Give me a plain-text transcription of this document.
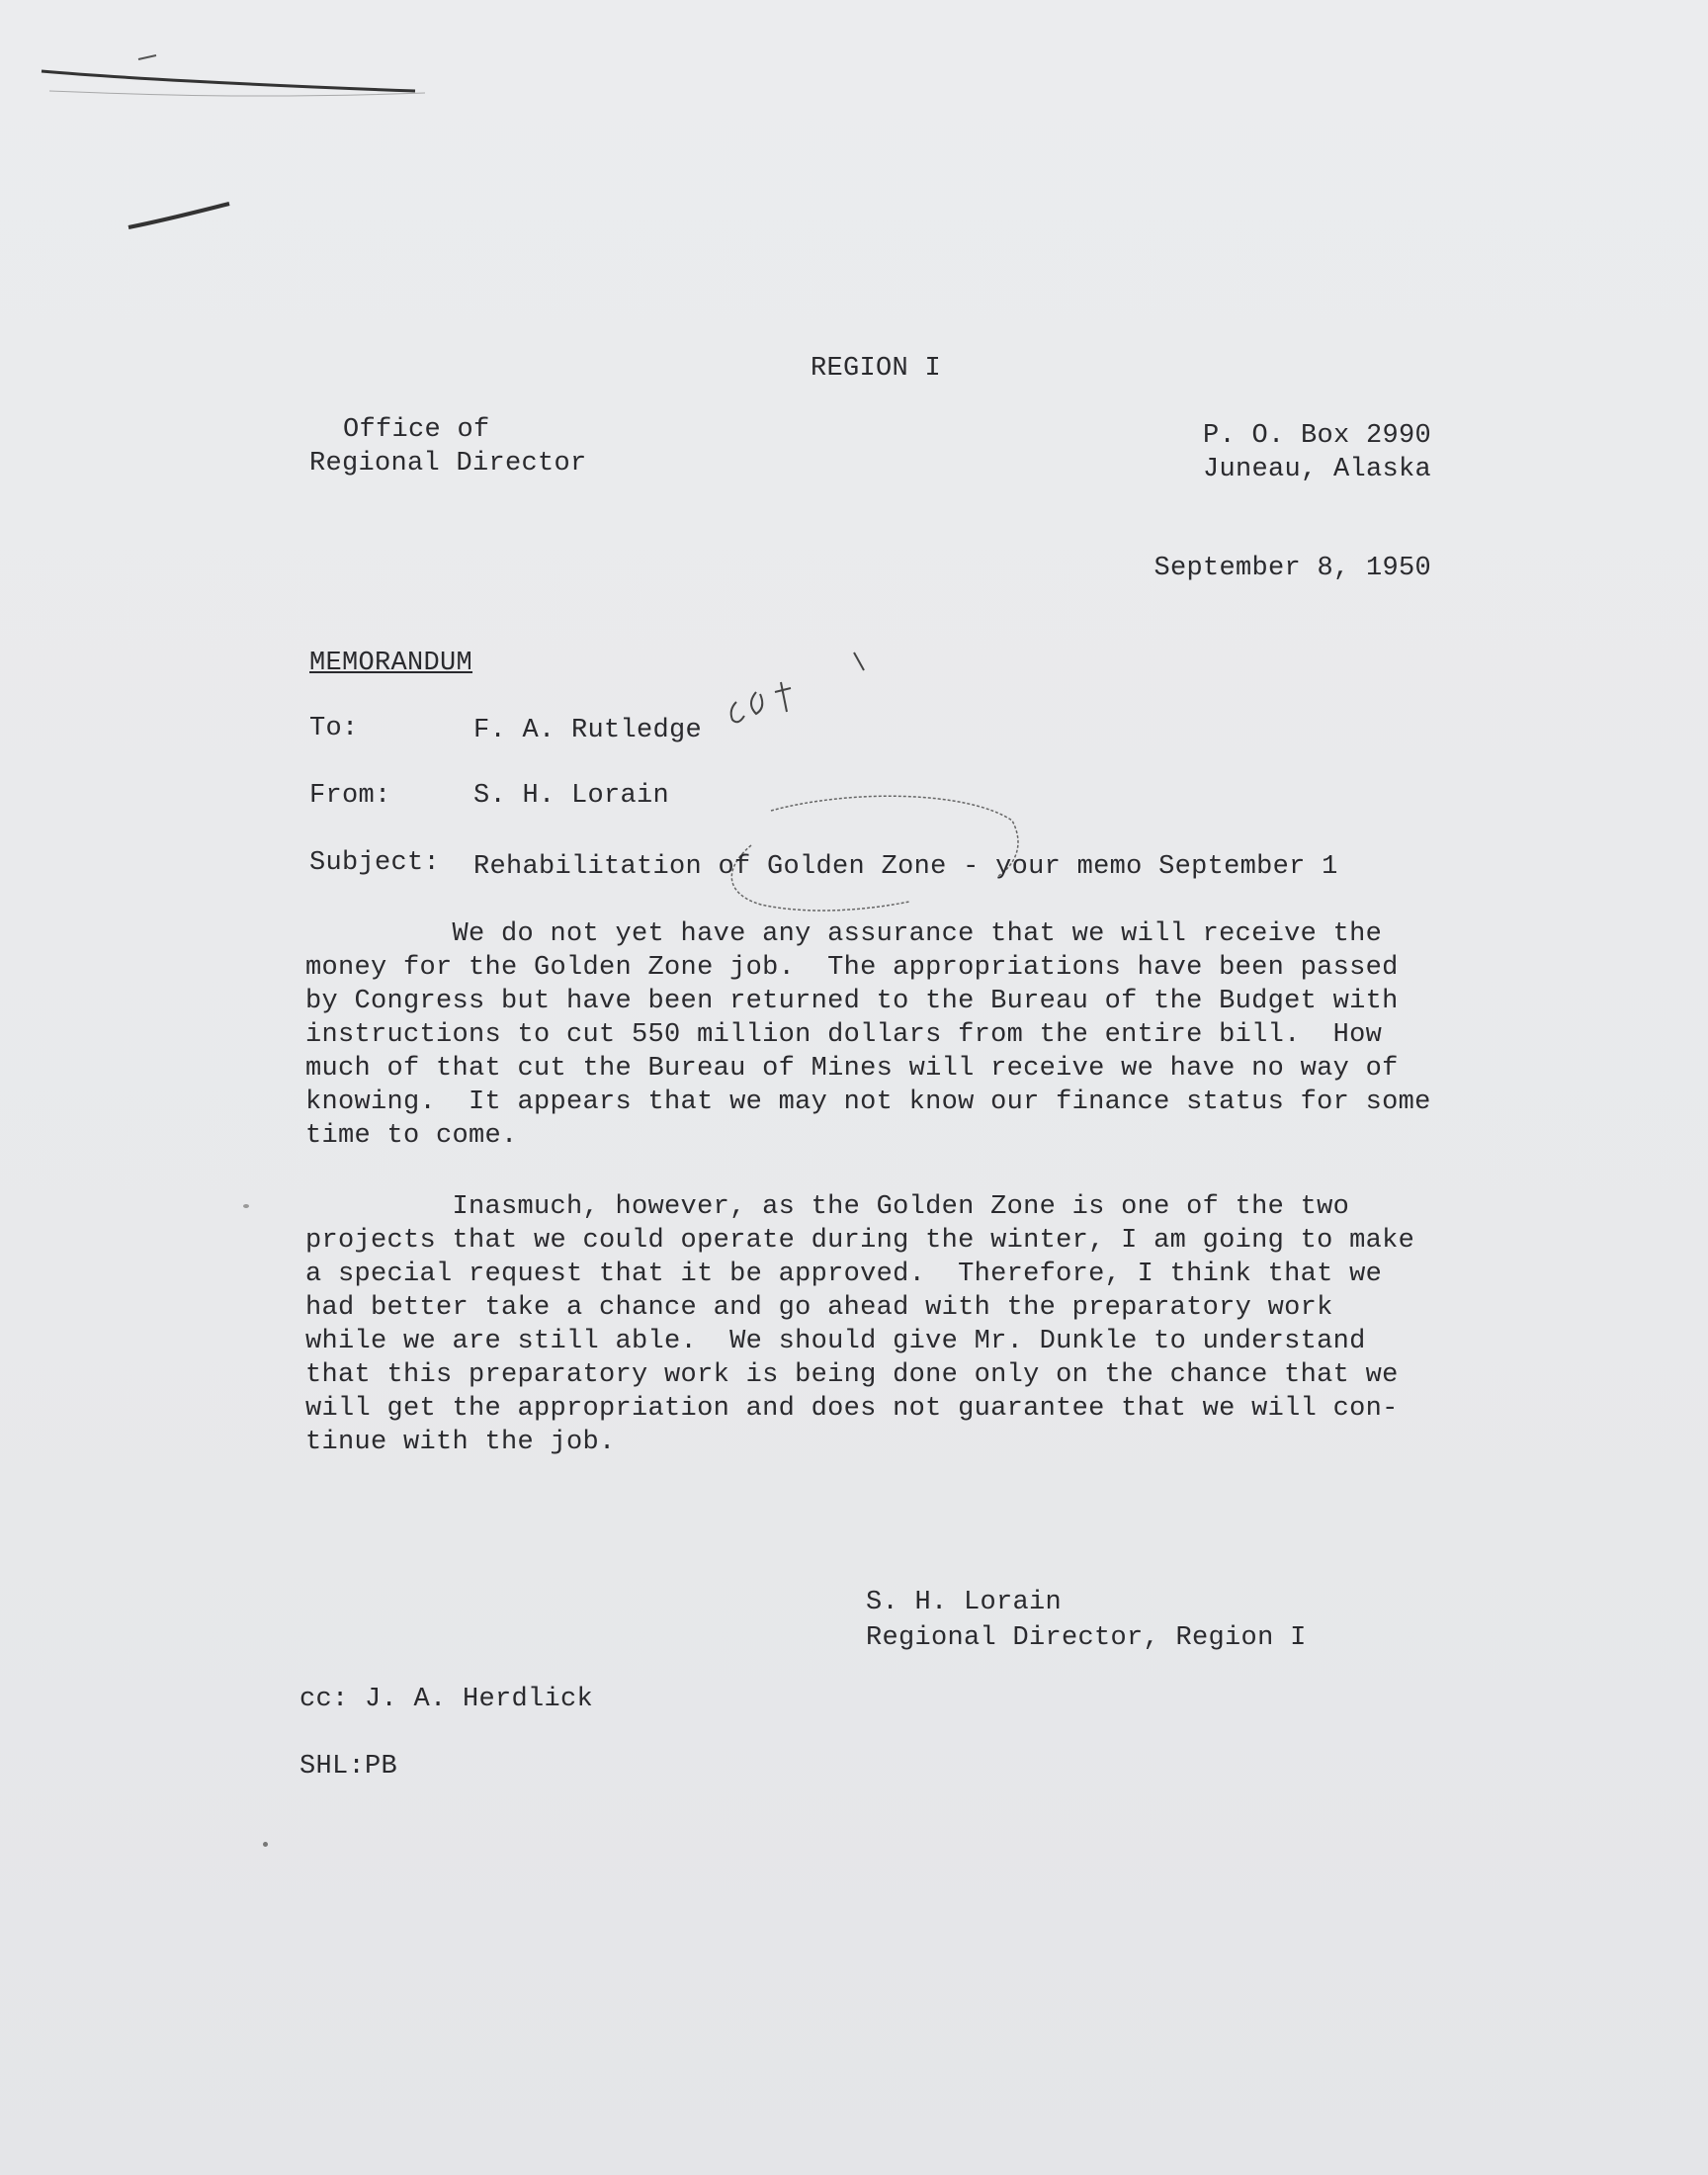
REGION I
Office of
Regional Director
P. O. Box 2990
Juneau, Alaska
September 8, 1950
MEMORANDUM
To:	F. A. Rutledge
From:	S. H. Lorain
Subject: Rehabilitation of Golden Zone - your memo September 1
We do not yet have any assurance that we will receive the
money for the Golden Zone job.  The appropriations have been passed
by Congress but have been returned to the Bureau of the Budget with
instructions to cut 550 million dollars from the entire bill.  How
much of that cut the Bureau of Mines will receive we have no way of
knowing.  It appears that we may not know our finance status for some
time to come.
Inasmuch, however, as the Golden Zone is one of the two
projects that we could operate during the winter, I am going to make
a special request that it be approved.  Therefore, I think that we
had better take a chance and go ahead with the preparatory work
while we are still able.  We should give Mr. Dunkle to understand
that this preparatory work is being done only on the chance that we
will get the appropriation and does not guarantee that we will con-
tinue with the job.
S. H. Lorain
Regional Director, Region I
cc: J. A. Herdlick
SHL:PB
